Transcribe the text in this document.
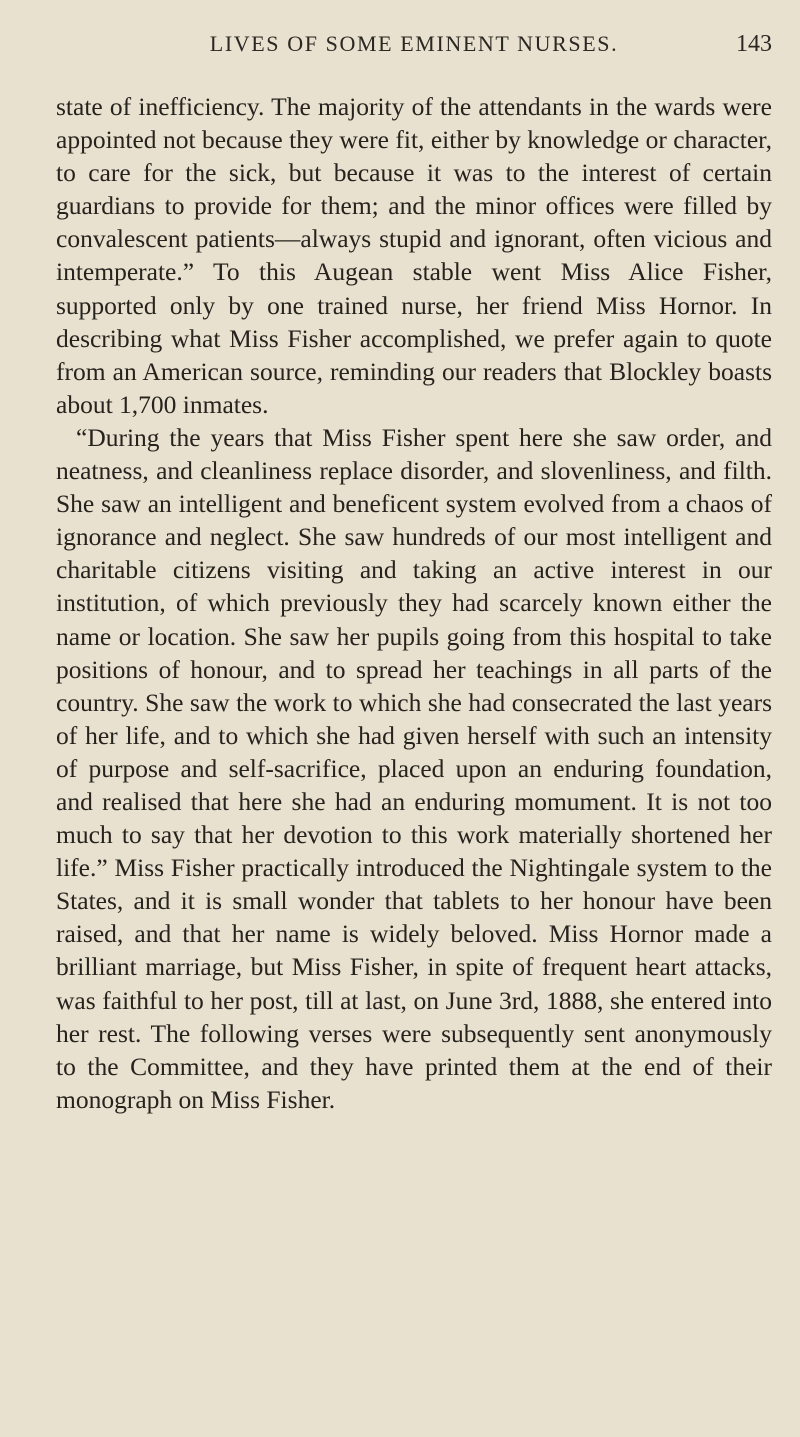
LIVES OF SOME EMINENT NURSES.	143

state of inefficiency. The majority of the attendants in the wards were appointed not because they were fit, either by knowledge or character, to care for the sick, but because it was to the interest of certain guardians to provide for them; and the minor offices were filled by convalescent patients—always stupid and ignorant, often vicious and intemperate.” To this Augean stable went Miss Alice Fisher, supported only by one trained nurse, her friend Miss Hornor. In describing what Miss Fisher accomplished, we prefer again to quote from an American source, reminding our readers that Blockley boasts about 1,700 inmates.

“During the years that Miss Fisher spent here she saw order, and neatness, and cleanliness replace disorder, and slovenliness, and filth. She saw an intelligent and beneficent system evolved from a chaos of ignorance and neglect. She saw hundreds of our most intelligent and charitable citizens visiting and taking an active interest in our institution, of which previously they had scarcely known either the name or location. She saw her pupils going from this hospital to take positions of honour, and to spread her teachings in all parts of the country. She saw the work to which she had consecrated the last years of her life, and to which she had given herself with such an intensity of purpose and self-sacrifice, placed upon an enduring foundation, and realised that here she had an enduring momument. It is not too much to say that her devotion to this work materially shortened her life.” Miss Fisher practically introduced the Nightingale system to the States, and it is small wonder that tablets to her honour have been raised, and that her name is widely beloved. Miss Hornor made a brilliant marriage, but Miss Fisher, in spite of frequent heart attacks, was faithful to her post, till at last, on June 3rd, 1888, she entered into her rest. The following verses were subsequently sent anonymously to the Committee, and they have printed them at the end of their monograph on Miss Fisher.
